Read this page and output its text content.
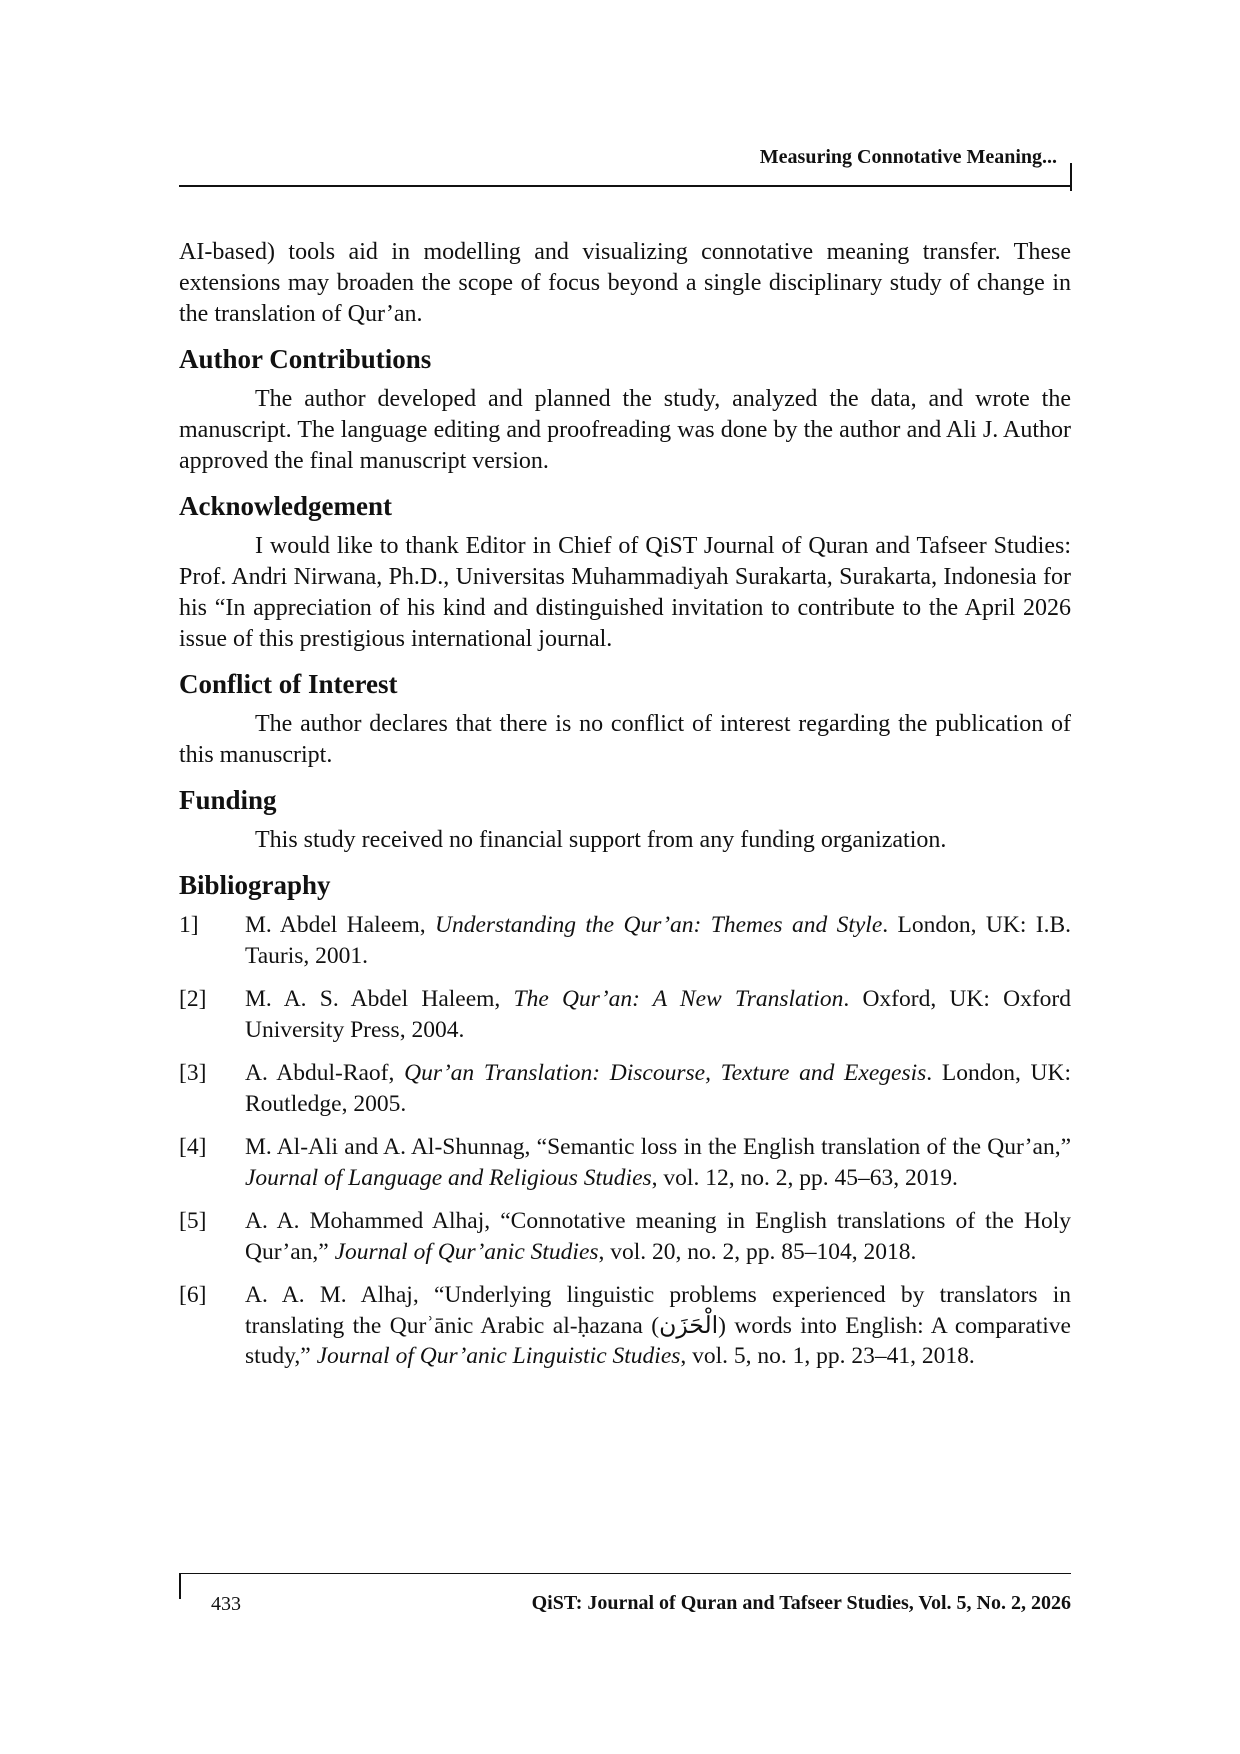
Measuring Connotative Meaning...

AI-based) tools aid in modelling and visualizing connotative meaning transfer. These extensions may broaden the scope of focus beyond a single disciplinary study of change in the translation of Qur’an.

Author Contributions

The author developed and planned the study, analyzed the data, and wrote the manuscript. The language editing and proofreading was done by the author and Ali J. Author approved the final manuscript version.

Acknowledgement

I would like to thank Editor in Chief of QiST Journal of Quran and Tafseer Studies: Prof. Andri Nirwana, Ph.D., Universitas Muhammadiyah Surakarta, Surakarta, Indonesia for his “In appreciation of his kind and distinguished invitation to contribute to the April 2026 issue of this prestigious international journal.

Conflict of Interest

The author declares that there is no conflict of interest regarding the publication of this manuscript.

Funding

This study received no financial support from any funding organization.

Bibliography
1]	M. Abdel Haleem, Understanding the Qur’an: Themes and Style. London, UK: I.B. Tauris, 2001.
[2]	M. A. S. Abdel Haleem, The Qur’an: A New Translation. Oxford, UK: Oxford University Press, 2004.
[3]	A. Abdul-Raof, Qur’an Translation: Discourse, Texture and Exegesis. London, UK: Routledge, 2005.
[4]	M. Al-Ali and A. Al-Shunnag, “Semantic loss in the English translation of the Qur’an,” Journal of Language and Religious Studies, vol. 12, no. 2, pp. 45–63, 2019.
[5]	A. A. Mohammed Alhaj, “Connotative meaning in English translations of the Holy Qur’an,” Journal of Qur’anic Studies, vol. 20, no. 2, pp. 85–104, 2018.
[6]	A. A. M. Alhaj, “Underlying linguistic problems experienced by translators in translating the Qurʾānic Arabic al-ḥazana (الْحَزَن) words into English: A comparative study,” Journal of Qur’anic Linguistic Studies, vol. 5, no. 1, pp. 23–41, 2018.
433	QiST: Journal of Quran and Tafseer Studies, Vol. 5, No. 2, 2026
